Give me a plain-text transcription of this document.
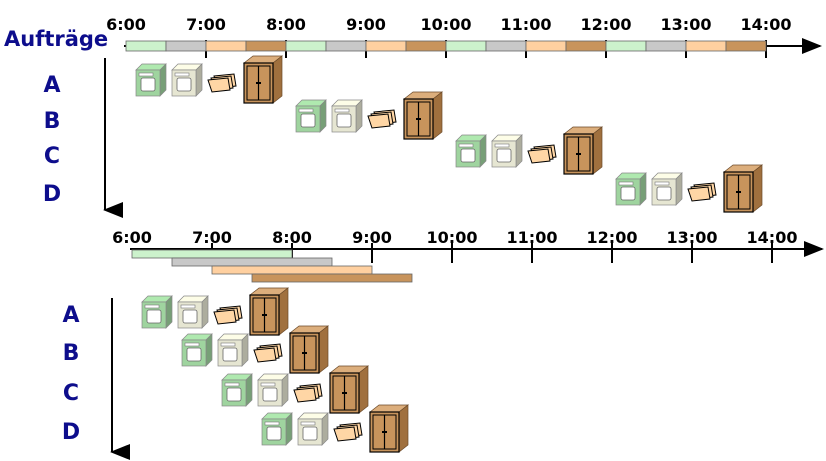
Aufträge
6:00	7:00	8:00	9:00 10:00 11:00 12:00 13:00 14:00
A
B
C
D
6:00	7:00	8:00	9:00 10:00 11:00 12:00 13:00 14:00
A
B
C
D
